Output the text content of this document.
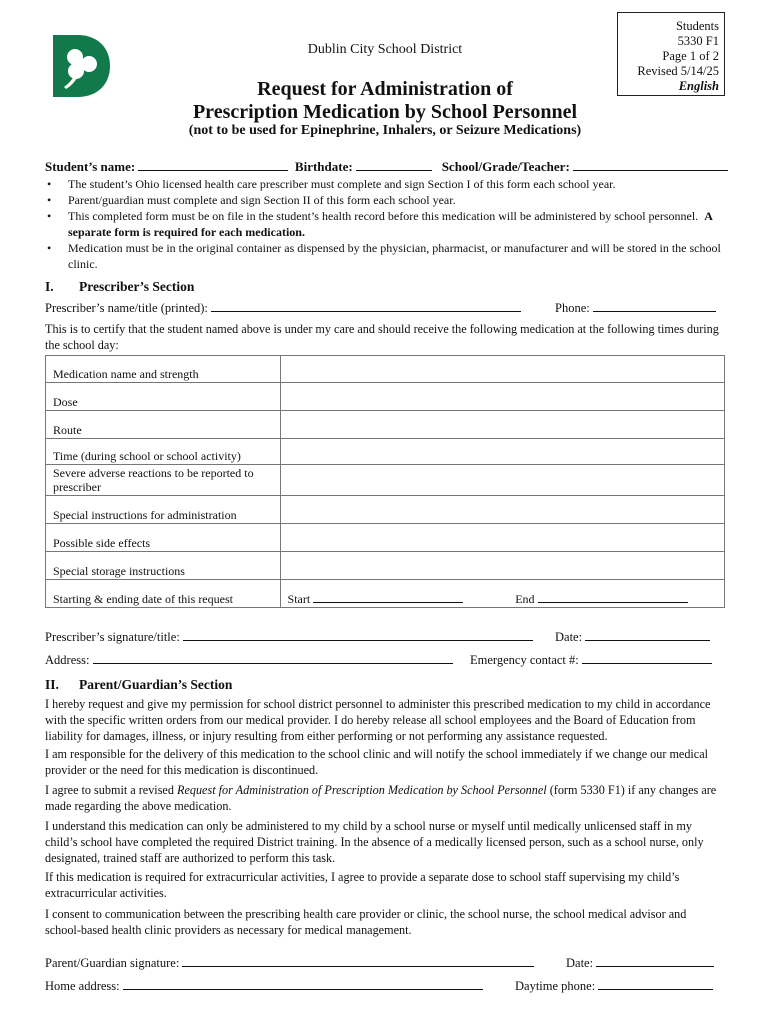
Dublin City School District
Request for Administration of
Prescription Medication by School Personnel
Students
5330 F1
Page 1 of 2
Revised 5/14/25
English
(not to be used for Epinephrine, Inhalers, or Seizure Medications)
Student’s name:	Birthdate:	School/Grade/Teacher:
• The student’s Ohio licensed health care prescriber must complete and sign Section I of this form each school year.
• Parent/guardian must complete and sign Section II of this form each school year.
• This completed form must be on file in the student’s health record before this medication will be administered by school personnel. A separate form is required for each medication.
• Medication must be in the original container as dispensed by the physician, pharmacist, or manufacturer and will be stored in the school clinic.
I. Prescriber’s Section
Prescriber’s name/title (printed):	Phone:
This is to certify that the student named above is under my care and should receive the following medication at the following times during the school day:
Medication name and strength	
Dose	
Route	
Time (during school or school activity)	
Severe adverse reactions to be reported to prescriber	
Special instructions for administration	
Possible side effects	
Special storage instructions	
Starting & ending date of this request	Start End
Prescriber’s signature/title:	Date:
Address:	Emergency contact #:
II. Parent/Guardian’s Section
I hereby request and give my permission for school district personnel to administer this prescribed medication to my child in accordance with the specific written orders from our medical provider. I do hereby release all school employees and the Board of Education from liability for damages, illness, or injury resulting from either performing or not performing any assistance requested.
I am responsible for the delivery of this medication to the school clinic and will notify the school immediately if we change our medical provider or the need for this medication is discontinued.
I agree to submit a revised Request for Administration of Prescription Medication by School Personnel (form 5330 F1) if any changes are made regarding the above medication.
I understand this medication can only be administered to my child by a school nurse or myself until medically unlicensed staff in my child’s school have completed the required District training. In the absence of a medically licensed person, such as a school nurse, only designated, trained staff are authorized to perform this task.
If this medication is required for extracurricular activities, I agree to provide a separate dose to school staff supervising my child’s extracurricular activities.
I consent to communication between the prescribing health care provider or clinic, the school nurse, the school medical advisor and school-based health clinic providers as necessary for medical management.
Parent/Guardian signature:	Date:
Home address:	Daytime phone:
